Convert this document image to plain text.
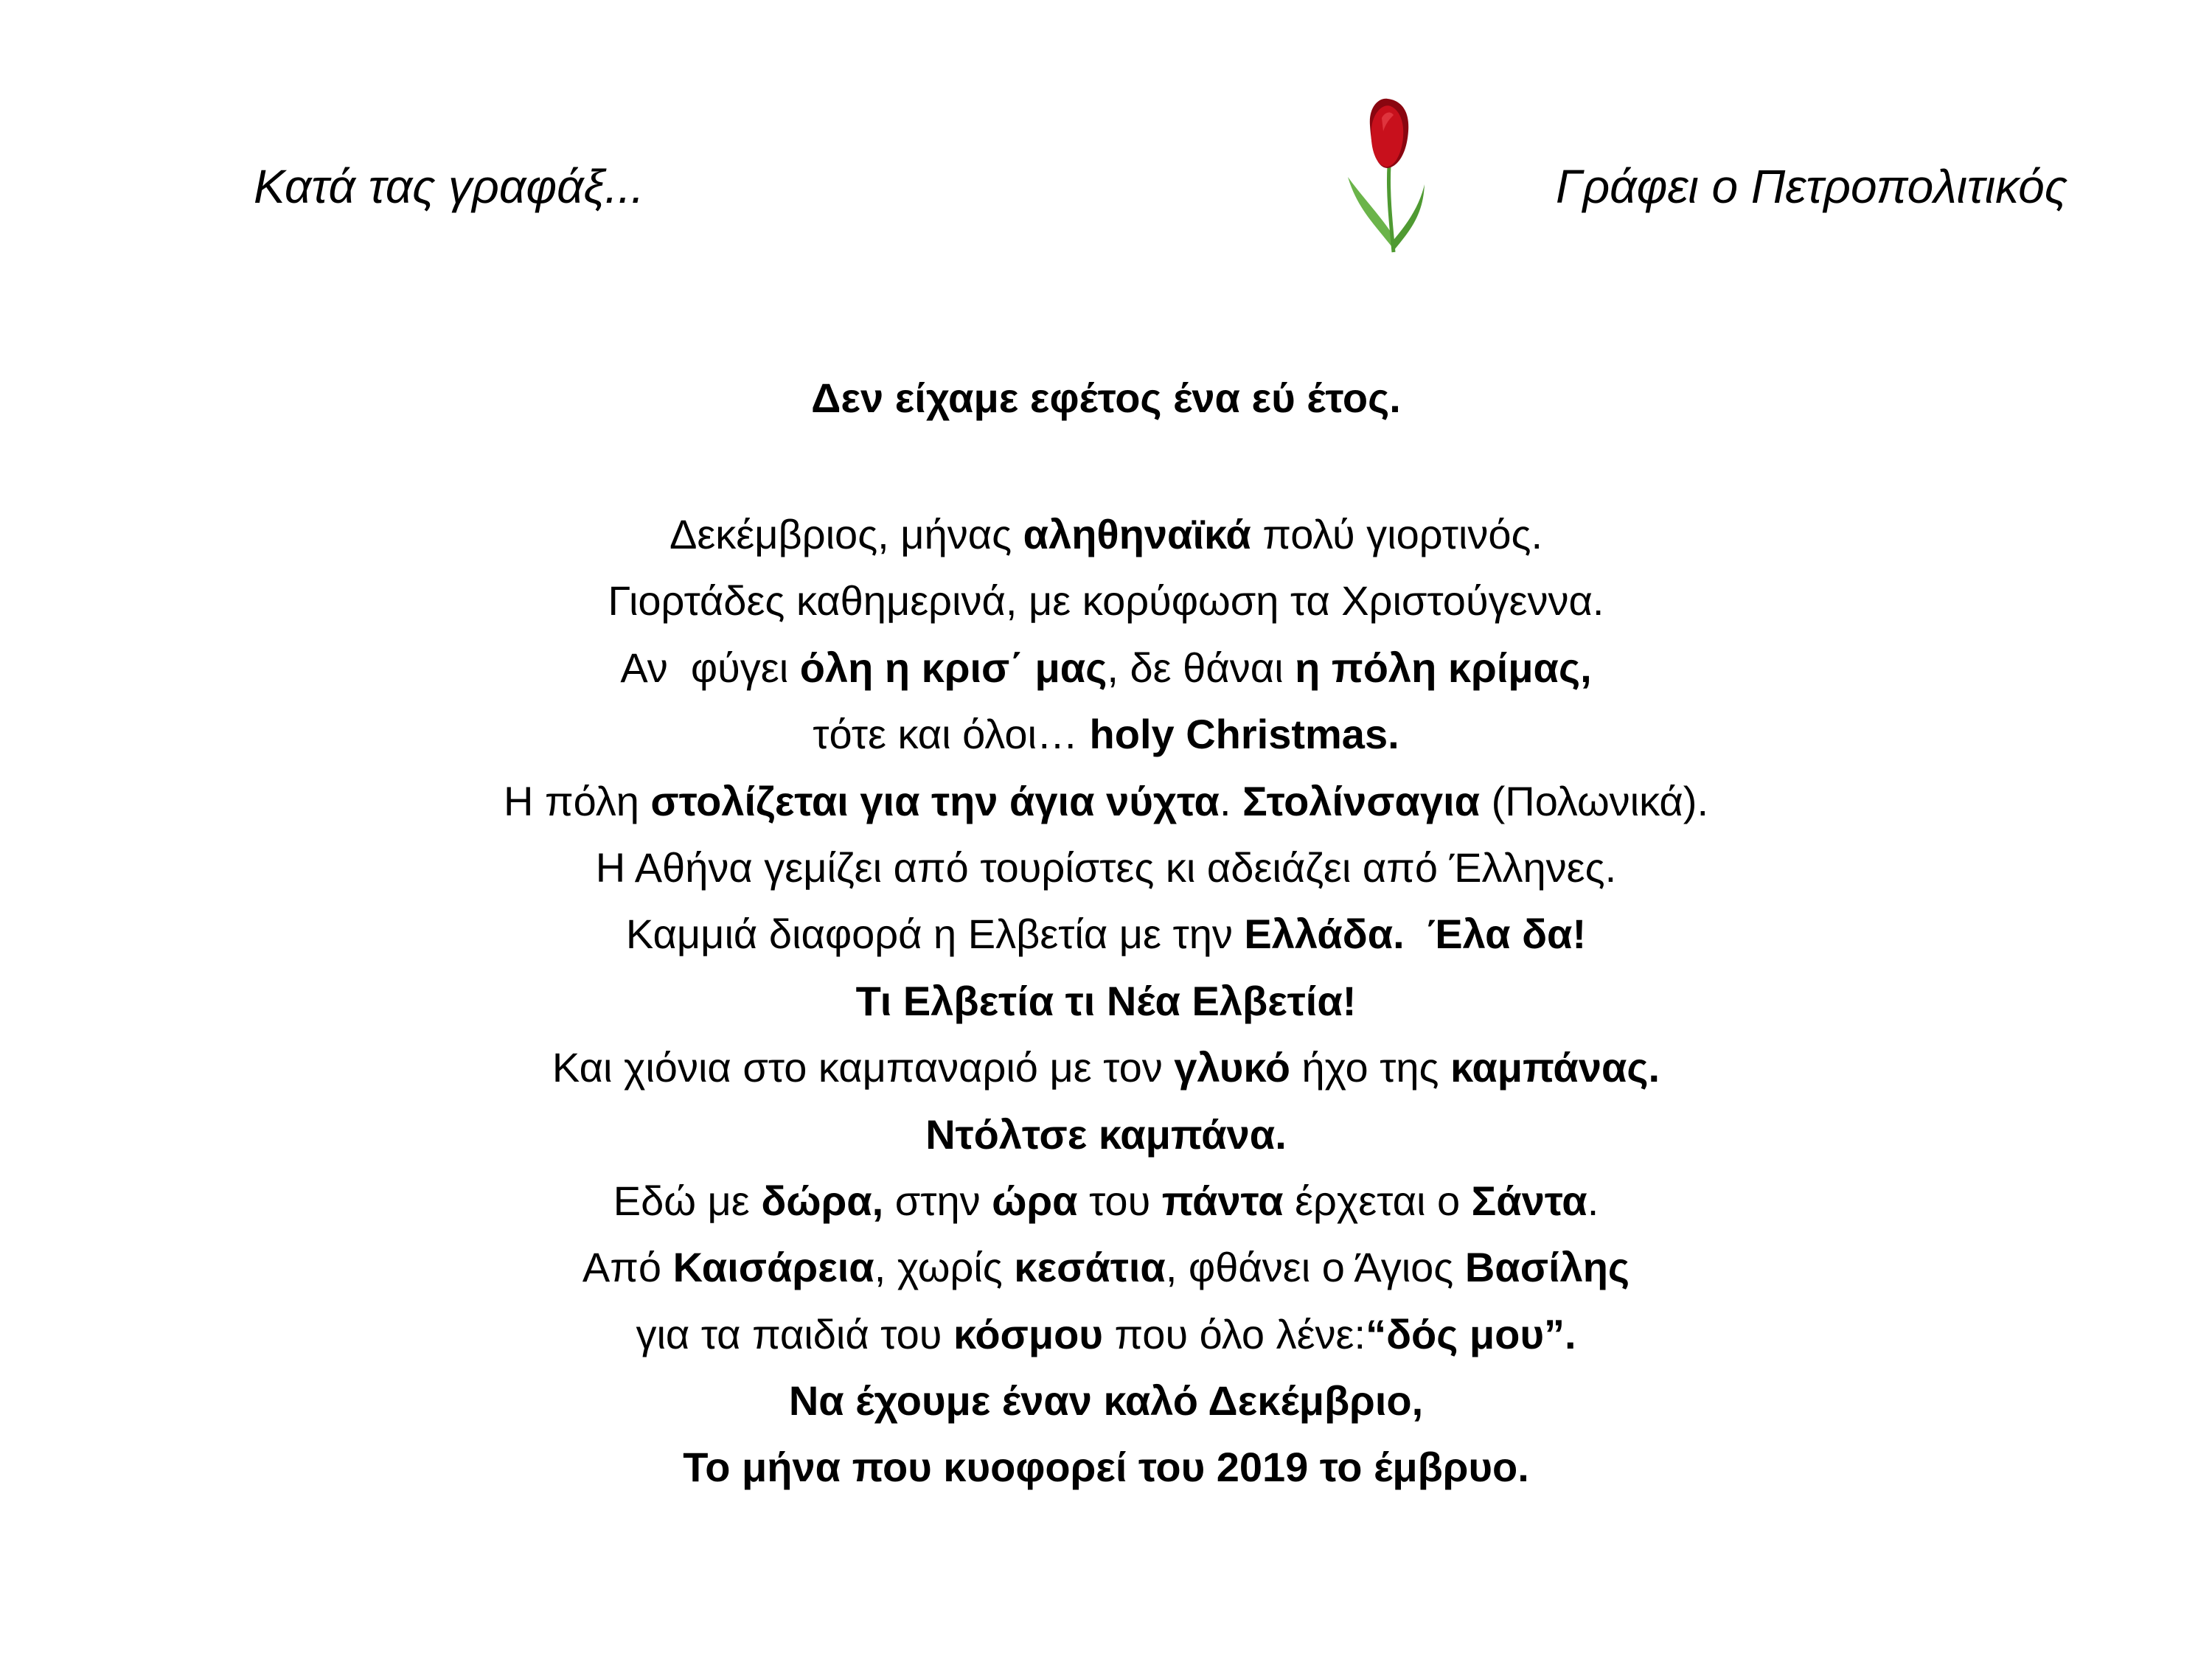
Κατά τας γραφάξ...	Γράφει ο Πετροπολιτικός
Δεν είχαμε εφέτος ένα εύ έτος.
Δεκέμβριος, μήνας αληθηναϊκά πολύ γιορτινός.
Γιορτάδες καθημερινά, με κορύφωση τα Χριστούγεννα.
Αν  φύγει όλη η κρισ΄ μας, δε θάναι η πόλη κρίμας,
τότε και όλοι… holy Christmas.
Η πόλη στολίζεται για την άγια νύχτα. Στολίνσαγια (Πολωνικά).
Η Αθήνα γεμίζει από τουρίστες κι αδειάζει από Έλληνες.
Καμμιά διαφορά η Ελβετία με την Ελλάδα.  Έλα δα!
Τι Ελβετία τι Νέα Ελβετία!
Και χιόνια στο καμπαναριό με τον γλυκό ήχο της καμπάνας.
Ντόλτσε καμπάνα.
Εδώ με δώρα, στην ώρα του πάντα έρχεται ο Σάντα.
Από Καισάρεια, χωρίς κεσάτια, φθάνει ο Άγιος Βασίλης
για τα παιδιά του κόσμου που όλο λένε:“δός μου”.
Να έχουμε έναν καλό Δεκέμβριο,
Το μήνα που κυοφορεί του 2019 το έμβρυο.
